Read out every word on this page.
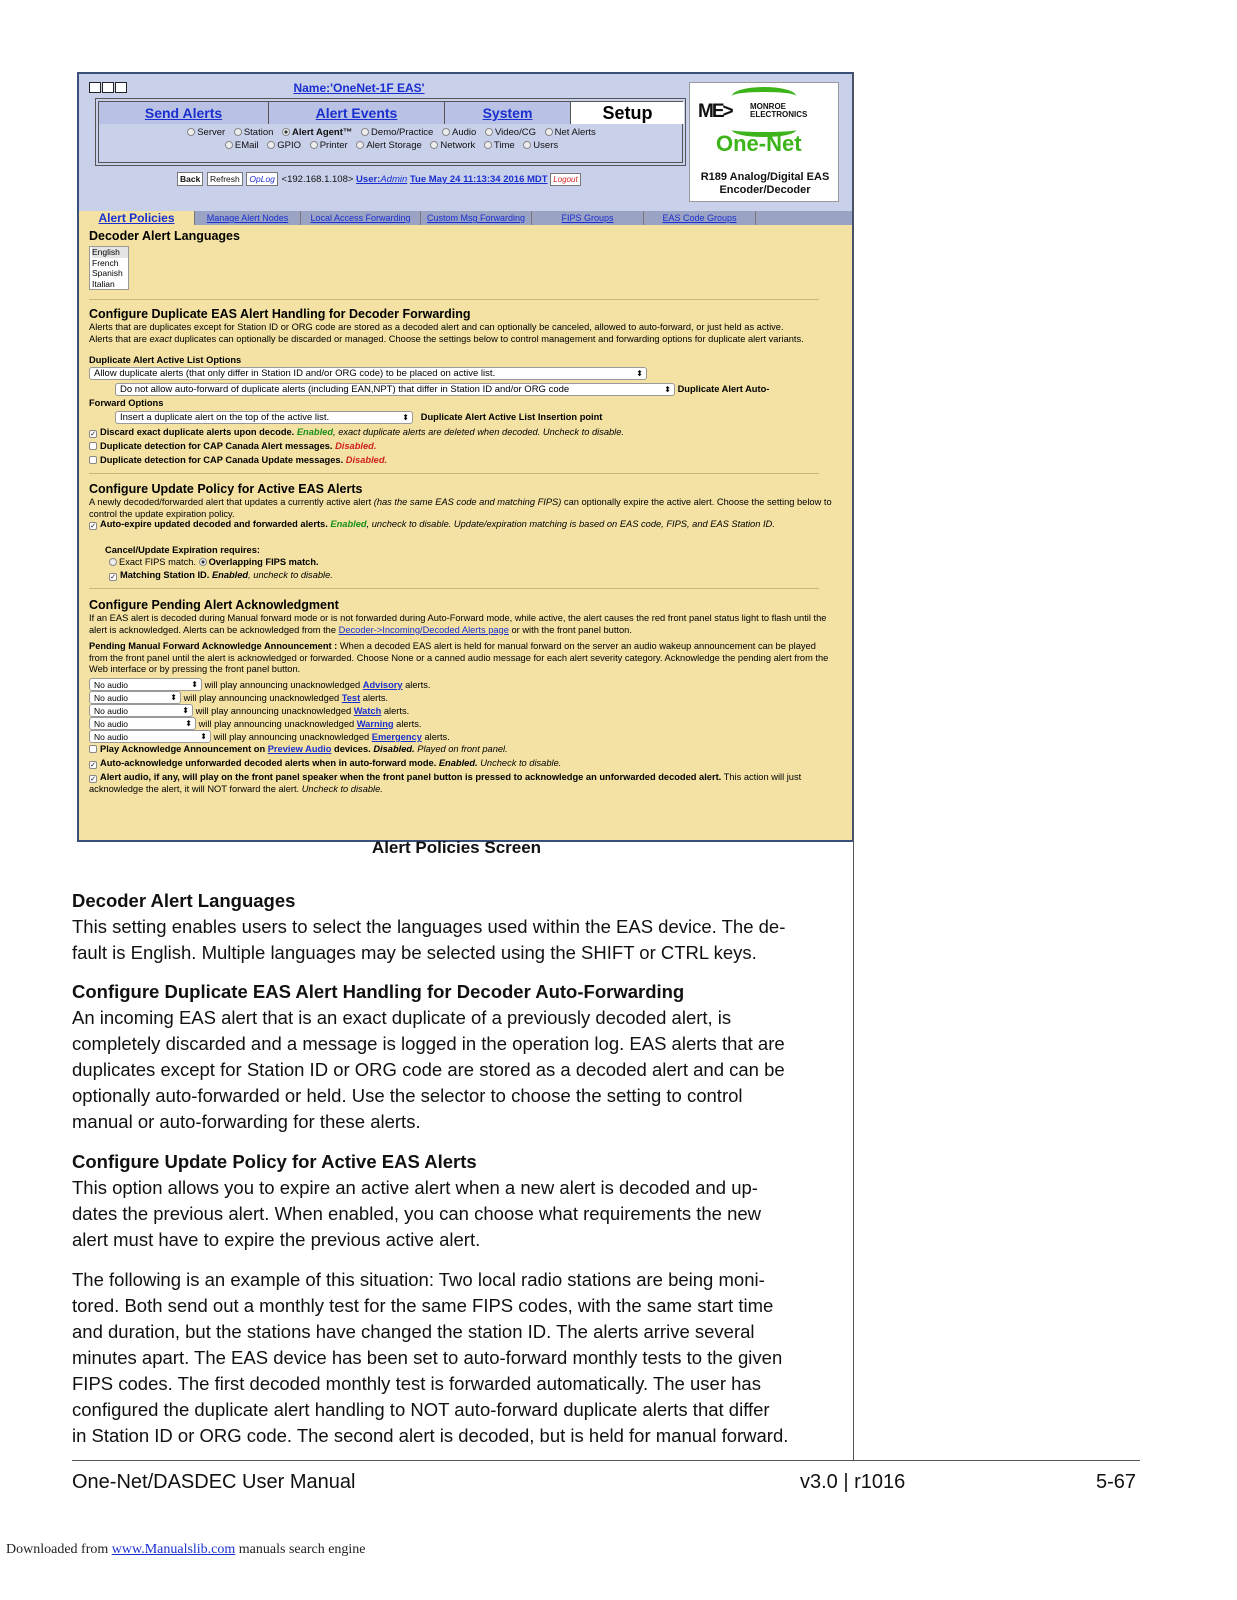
Name:'OneNet-1F EAS'
Send Alerts	Alert Events	System	Setup
Server Station Alert Agent™ Demo/Practice Audio Video/CG Net Alerts
EMail GPIO Printer Alert Storage Network Time Users
Back Refresh OpLog <192.168.1.108> User:Admin Tue May 24 11:13:34 2016 MDT Logout
ME> MONROE
ELECTRONICS
One-Net
R189 Analog/Digital EAS
Encoder/Decoder
Alert Policies	Manage Alert Nodes	Local Access Forwarding	Custom Msg Forwarding	FIPS Groups	EAS Code Groups
Decoder Alert Languages
English
French
Spanish
Italian
Configure Duplicate EAS Alert Handling for Decoder Forwarding
Alerts that are duplicates except for Station ID or ORG code are stored as a decoded alert and can optionally be canceled, allowed to auto-forward, or just held as active.
Alerts that are exact duplicates can optionally be discarded or managed. Choose the settings below to control management and forwarding options for duplicate alert variants.
Duplicate Alert Active List Options
Allow duplicate alerts (that only differ in Station ID and/or ORG code) to be placed on active list. ⬍
Do not allow auto-forward of duplicate alerts (including EAN,NPT) that differ in Station ID and/or ORG code ⬍	Duplicate Alert Auto-
Forward Options
Insert a duplicate alert on the top of the active list. ⬍	Duplicate Alert Active List Insertion point
✓Discard exact duplicate alerts upon decode. Enabled, exact duplicate alerts are deleted when decoded. Uncheck to disable.
Duplicate detection for CAP Canada Alert messages. Disabled.
Duplicate detection for CAP Canada Update messages. Disabled.
Configure Update Policy for Active EAS Alerts
A newly decoded/forwarded alert that updates a currently active alert (has the same EAS code and matching FIPS) can optionally expire the active alert. Choose the setting below to control the update expiration policy.
✓Auto-expire updated decoded and forwarded alerts. Enabled, uncheck to disable. Update/expiration matching is based on EAS code, FIPS, and EAS Station ID.
Cancel/Update Expiration requires:
Exact FIPS match. Overlapping FIPS match.
✓Matching Station ID. Enabled, uncheck to disable.
Configure Pending Alert Acknowledgment
If an EAS alert is decoded during Manual forward mode or is not forwarded during Auto-Forward mode, while active, the alert causes the red front panel status light to flash until the alert is acknowledged. Alerts can be acknowledged from the Decoder->Incoming/Decoded Alerts page or with the front panel button.
Pending Manual Forward Acknowledge Announcement : When a decoded EAS alert is held for manual forward on the server an audio wakeup announcement can be played from the front panel until the alert is acknowledged or forwarded. Choose None or a canned audio message for each alert severity category. Acknowledge the pending alert from the Web interface or by pressing the front panel button.
No audio ⬍	will play announcing unacknowledged Advisory alerts.
No audio ⬍	will play announcing unacknowledged Test alerts.
No audio ⬍	will play announcing unacknowledged Watch alerts.
No audio ⬍	will play announcing unacknowledged Warning alerts.
No audio ⬍	will play announcing unacknowledged Emergency alerts.
Play Acknowledge Announcement on Preview Audio devices. Disabled. Played on front panel.
✓Auto-acknowledge unforwarded decoded alerts when in auto-forward mode. Enabled. Uncheck to disable.
✓Alert audio, if any, will play on the front panel speaker when the front panel button is pressed to acknowledge an unforwarded decoded alert. This action will just acknowledge the alert, it will NOT forward the alert. Uncheck to disable.
Alert Policies Screen
Decoder Alert Languages
This setting enables users to select the languages used within the EAS device. The de-
fault is English. Multiple languages may be selected using the SHIFT or CTRL keys.
Configure Duplicate EAS Alert Handling for Decoder Auto-Forwarding
An incoming EAS alert that is an exact duplicate of a previously decoded alert, is
completely discarded and a message is logged in the operation log. EAS alerts that are
duplicates except for Station ID or ORG code are stored as a decoded alert and can be
optionally auto-forwarded or held. Use the selector to choose the setting to control
manual or auto-forwarding for these alerts.
Configure Update Policy for Active EAS Alerts
This option allows you to expire an active alert when a new alert is decoded and up-
dates the previous alert. When enabled, you can choose what requirements the new
alert must have to expire the previous active alert.
The following is an example of this situation: Two local radio stations are being moni-
tored. Both send out a monthly test for the same FIPS codes, with the same start time
and duration, but the stations have changed the station ID. The alerts arrive several
minutes apart. The EAS device has been set to auto-forward monthly tests to the given
FIPS codes. The first decoded monthly test is forwarded automatically. The user has
configured the duplicate alert handling to NOT auto-forward duplicate alerts that differ
in Station ID or ORG code. The second alert is decoded, but is held for manual forward.
One-Net/DASDEC User Manual	v3.0 | r1016	5-67
Downloaded from www.Manualslib.com manuals search engine
